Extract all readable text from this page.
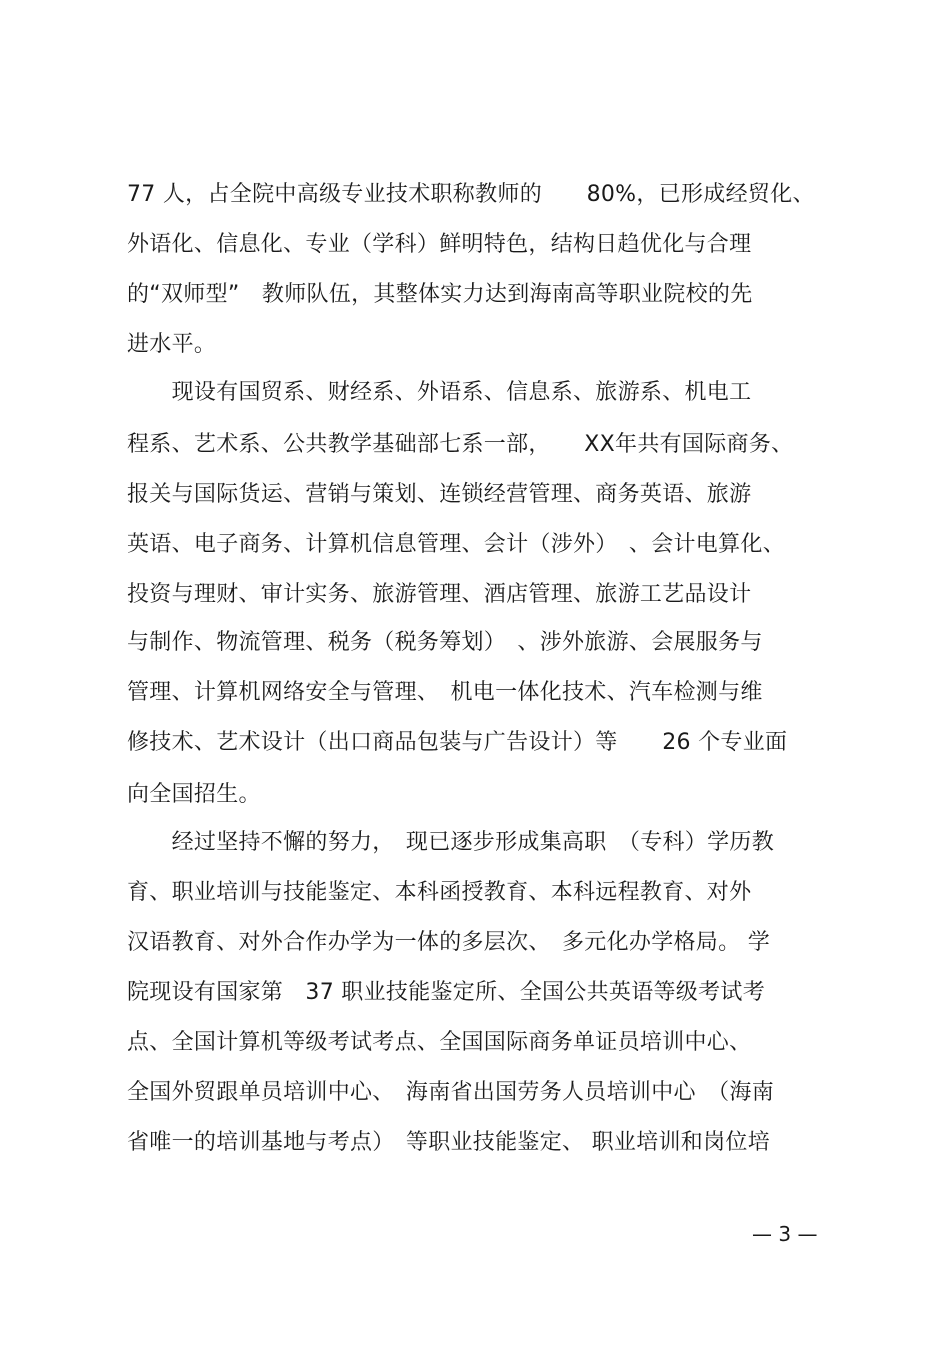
77 人，占全院中高级专业技术职称教师的　　80%，已形成经贸化、
外语化、信息化、专业（学科）鲜明特色，结构日趋优化与合理
的“双师型”　教师队伍，其整体实力达到海南高等职业院校的先
进水平。
　　现设有国贸系、财经系、外语系、信息系、旅游系、机电工
程系、艺术系、公共教学基础部七系一部，　　XX年共有国际商务、
报关与国际货运、营销与策划、连锁经营管理、商务英语、旅游
英语、电子商务、计算机信息管理、会计（涉外）　、会计电算化、
投资与理财、审计实务、旅游管理、酒店管理、旅游工艺品设计
与制作、物流管理、税务（税务筹划）　、涉外旅游、会展服务与
管理、计算机网络安全与管理、　机电一体化技术、汽车检测与维
修技术、艺术设计（出口商品包装与广告设计）等　　26 个专业面
向全国招生。
　　经过坚持不懈的努力，　现已逐步形成集高职　（专科）学历教
育、职业培训与技能鉴定、本科函授教育、本科远程教育、对外
汉语教育、对外合作办学为一体的多层次、　多元化办学格局。 学
院现设有国家第　37 职业技能鉴定所、全国公共英语等级考试考
点、全国计算机等级考试考点、全国国际商务单证员培训中心、
全国外贸跟单员培训中心、　海南省出国劳务人员培训中心　（海南
省唯一的培训基地与考点）　等职业技能鉴定、 职业培训和岗位培
— 3 —
